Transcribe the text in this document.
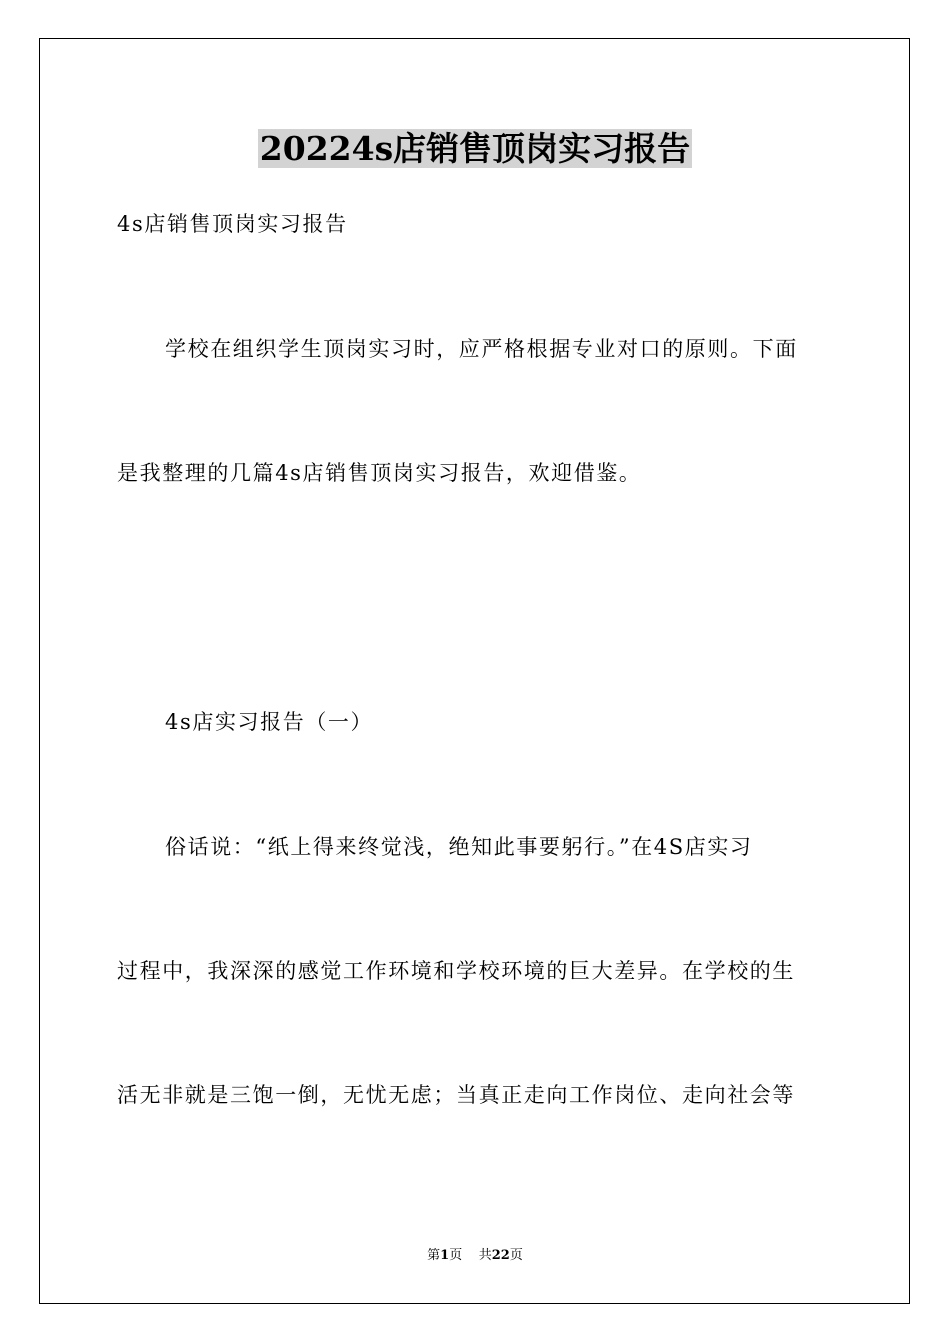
20224s店销售顶岗实习报告
4s店销售顶岗实习报告
学校在组织学生顶岗实习时，应严格根据专业对口的原则。下面
是我整理的几篇4s店销售顶岗实习报告，欢迎借鉴。
4s店实习报告（一）
俗话说：“纸上得来终觉浅，绝知此事要躬行。”在4S店实习
过程中，我深深的感觉工作环境和学校环境的巨大差异。在学校的生
活无非就是三饱一倒，无忧无虑；当真正走向工作岗位、走向社会等
第1页 共22页
